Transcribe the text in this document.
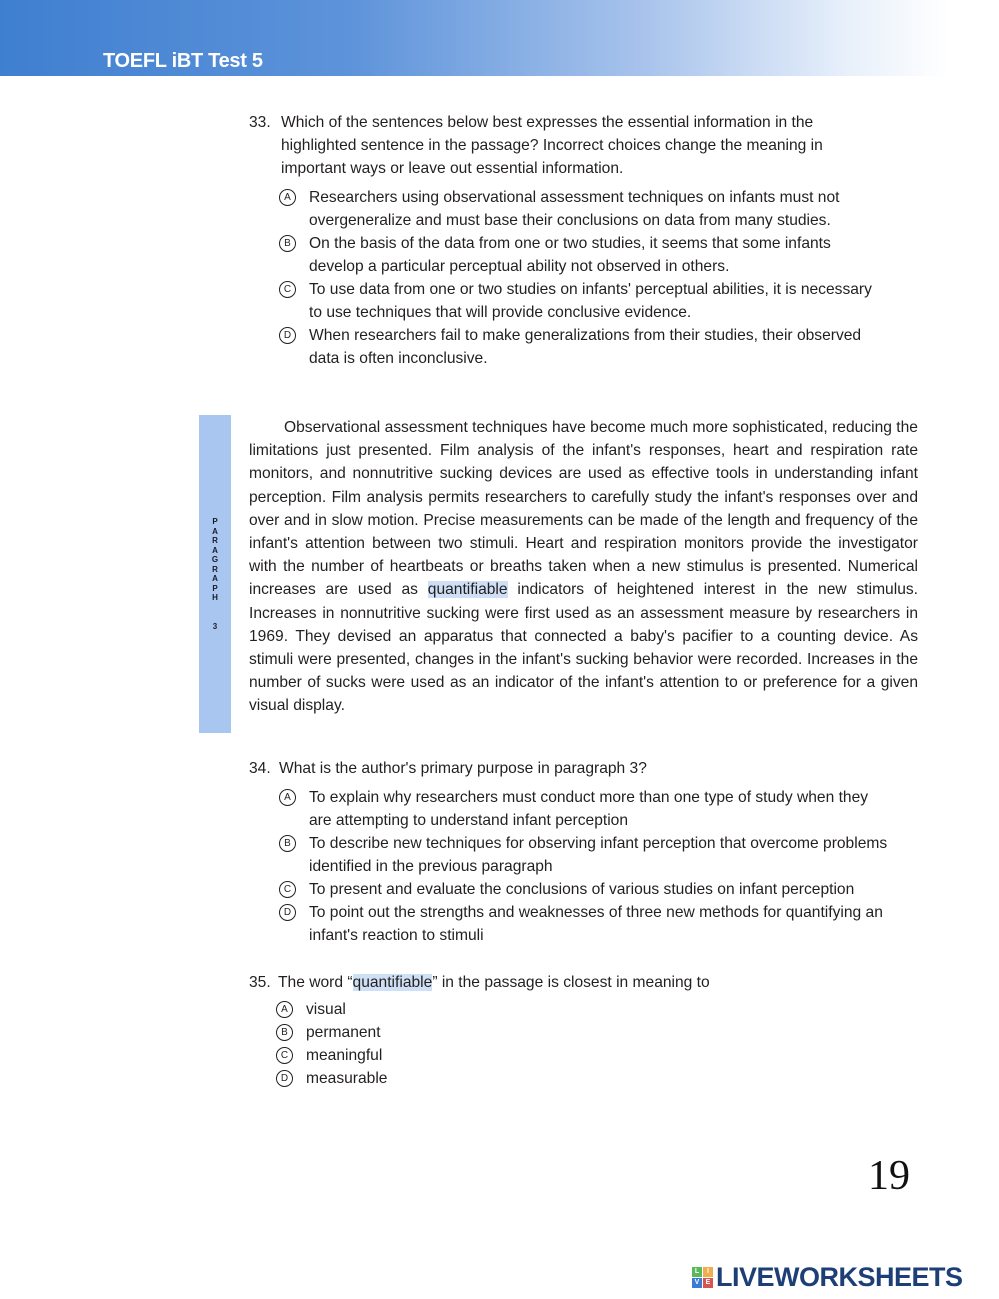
TOEFL iBT Test 5
33. Which of the sentences below best expresses the essential information in the highlighted sentence in the passage? Incorrect choices change the meaning in important ways or leave out essential information.
A	Researchers using observational assessment techniques on infants must not overgeneralize and must base their conclusions on data from many studies.
B	On the basis of the data from one or two studies, it seems that some infants develop a particular perceptual ability not observed in others.
C	To use data from one or two studies on infants' perceptual abilities, it is necessary to use techniques that will provide conclusive evidence.
D	When researchers fail to make generalizations from their studies, their observed data is often inconclusive.
P
A
R
A
G
R
A
P
H
3
Observational assessment techniques have become much more sophisticated, reducing the limitations just presented. Film analysis of the infant's responses, heart and respiration rate monitors, and nonnutritive sucking devices are used as effective tools in understanding infant perception. Film analysis permits researchers to carefully study the infant's responses over and over and in slow motion. Precise measurements can be made of the length and frequency of the infant's attention between two stimuli. Heart and respiration monitors provide the investigator with the number of heartbeats or breaths taken when a new stimulus is presented. Numerical increases are used as quantifiable indicators of heightened interest in the new stimulus. Increases in nonnutritive sucking were first used as an assessment measure by researchers in 1969. They devised an apparatus that connected a baby's pacifier to a counting device. As stimuli were presented, changes in the infant's sucking behavior were recorded. Increases in the number of sucks were used as an indicator of the infant's attention to or preference for a given visual display.
34. What is the author's primary purpose in paragraph 3?
A	To explain why researchers must conduct more than one type of study when they are attempting to understand infant perception
B	To describe new techniques for observing infant perception that overcome problems identified in the previous paragraph
C	To present and evaluate the conclusions of various studies on infant perception
D	To point out the strengths and weaknesses of three new methods for quantifying an infant's reaction to stimuli
35. The word “quantifiable” in the passage is closest in meaning to
A	visual
B	permanent
C	meaningful
D	measurable
19
L	I
V E LIVEWORKSHEETS
